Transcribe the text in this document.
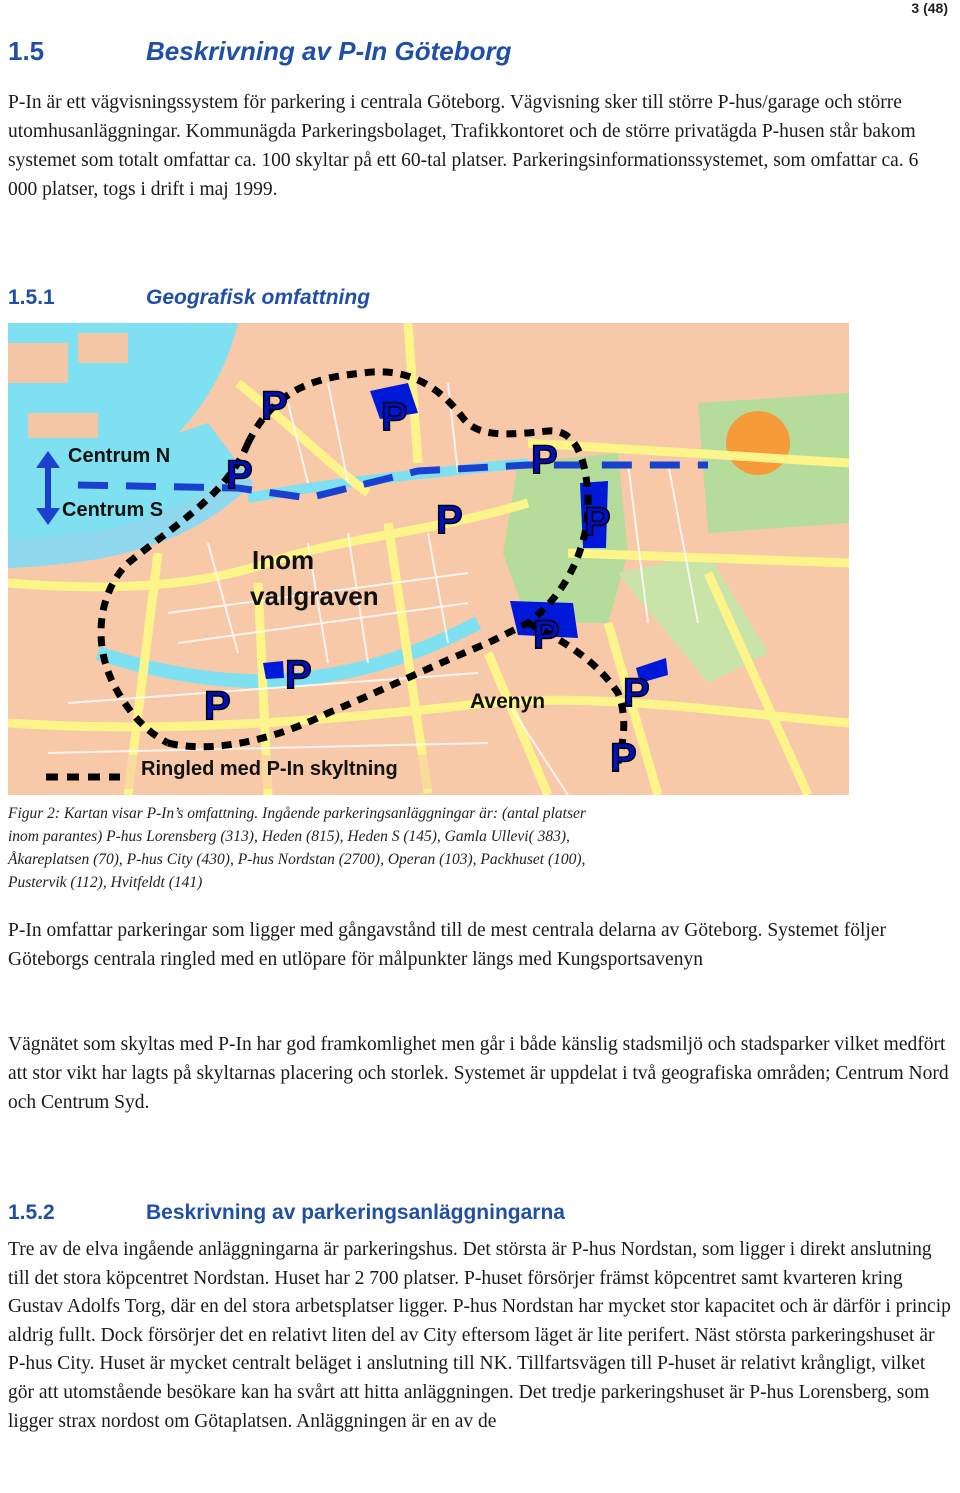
3 (48)
1.5	Beskrivning av P-In Göteborg

P-In är ett vägvisningssystem för parkering i centrala Göteborg. Vägvisning sker till större P-hus/garage och större utomhusanläggningar. Kommunägda Parkeringsbolaget, Trafikkontoret och de större privatägda P-husen står bakom systemet som totalt omfattar ca. 100 skyltar på ett 60-tal platser. Parkeringsinformationssystemet, som omfattar ca. 6 000 platser, togs i drift i maj 1999.

1.5.1	Geografisk omfattning
P P
P
P
P	P
P
P
P	P
P
Centrum N
Centrum S
Inom
vallgraven
Avenyn
Ringled med P-In skyltning

Figur 2: Kartan visar P-In’s omfattning. Ingående parkeringsanläggningar är: (antal platser inom parantes) P-hus Lorensberg (313), Heden (815), Heden S (145), Gamla Ullevi( 383), Åkareplatsen (70), P-hus City (430), P-hus Nordstan (2700), Operan (103), Packhuset (100), Pustervik (112), Hvitfeldt (141)

P-In omfattar parkeringar som ligger med gångavstånd till de mest centrala delarna av Göteborg. Systemet följer Göteborgs centrala ringled med en utlöpare för målpunkter längs med Kungsportsavenyn

Vägnätet som skyltas med P-In har god framkomlighet men går i både känslig stadsmiljö och stadsparker vilket medfört att stor vikt har lagts på skyltarnas placering och storlek. Systemet är uppdelat i två geografiska områden; Centrum Nord och Centrum Syd.

1.5.2	Beskrivning av parkeringsanläggningarna

Tre av de elva ingående anläggningarna är parkeringshus. Det största är P-hus Nordstan, som ligger i direkt anslutning till det stora köpcentret Nordstan. Huset har 2 700 platser. P-huset försörjer främst köpcentret samt kvarteren kring Gustav Adolfs Torg, där en del stora arbetsplatser ligger. P-hus Nordstan har mycket stor kapacitet och är därför i princip aldrig fullt. Dock försörjer det en relativt liten del av City eftersom läget är lite perifert. Näst största parkeringshuset är P-hus City. Huset är mycket centralt beläget i anslutning till NK. Tillfartsvägen till P-huset är relativt krångligt, vilket gör att utomstående besökare kan ha svårt att hitta anläggningen. Det tredje parkeringshuset är P-hus Lorensberg, som ligger strax nordost om Götaplatsen. Anläggningen är en av de
